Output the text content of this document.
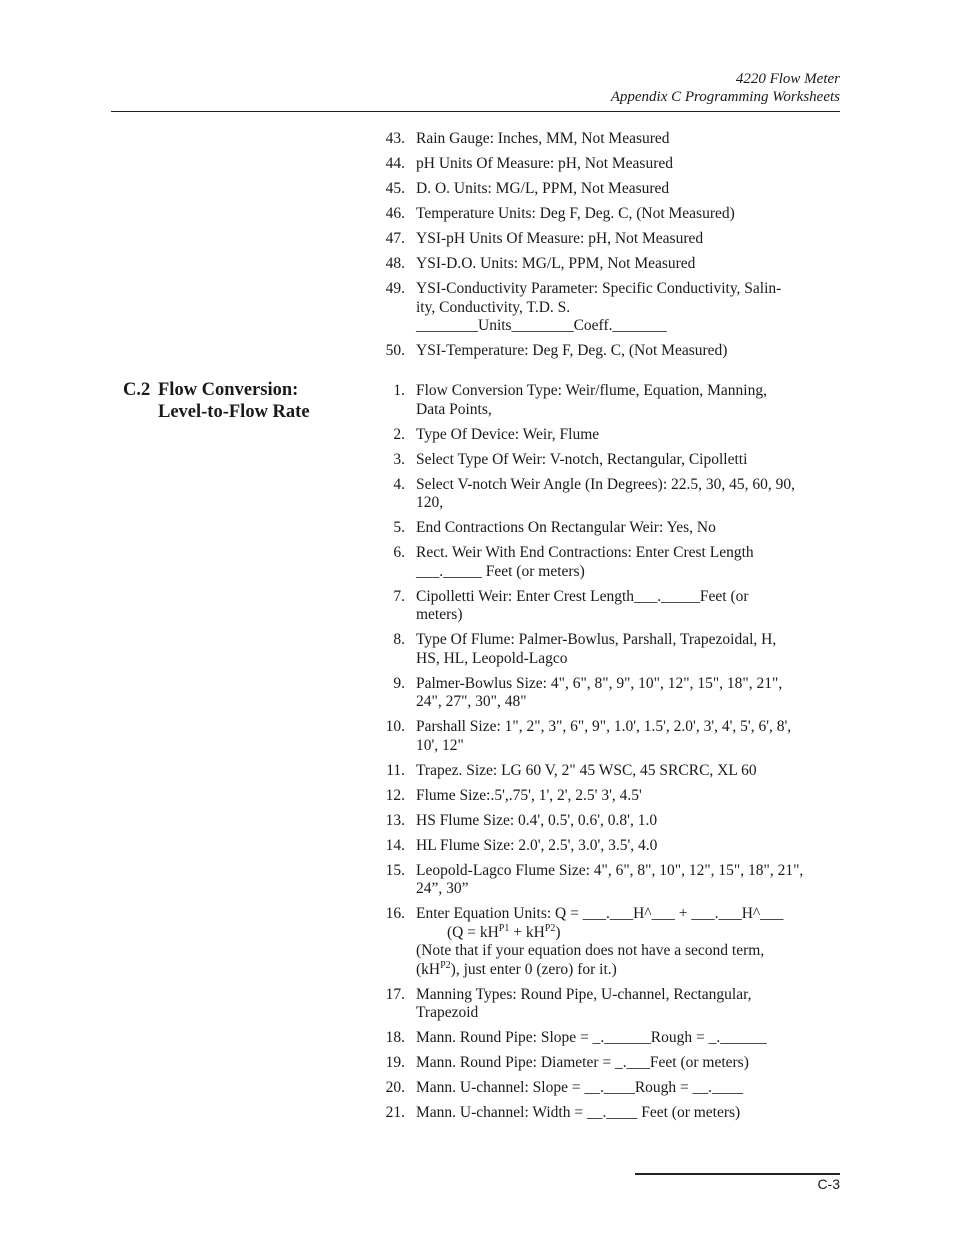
4220 Flow Meter
Appendix C Programming Worksheets
C.2 Flow Conversion:
Level-to-Flow Rate
43. Rain Gauge: Inches, MM, Not Measured
44. pH Units Of Measure: pH, Not Measured
45. D. O. Units: MG/L, PPM, Not Measured
46. Temperature Units: Deg F, Deg. C, (Not Measured)
47. YSI-pH Units Of Measure: pH, Not Measured
48. YSI-D.O. Units: MG/L, PPM, Not Measured
49. YSI-Conductivity Parameter: Specific Conductivity, Salin-
ity, Conductivity, T.D. S.
________Units________Coeff._______
50. YSI-Temperature: Deg F, Deg. C, (Not Measured)
1. Flow Conversion Type: Weir/flume, Equation, Manning,
Data Points,
2. Type Of Device: Weir, Flume
3. Select Type Of Weir: V-notch, Rectangular, Cipolletti
4. Select V-notch Weir Angle (In Degrees): 22.5, 30, 45, 60, 90,
120,
5. End Contractions On Rectangular Weir: Yes, No
6. Rect. Weir With End Contractions: Enter Crest Length
___._____ Feet (or meters)
7. Cipolletti Weir: Enter Crest Length___._____Feet (or
meters)
8. Type Of Flume: Palmer-Bowlus, Parshall, Trapezoidal, H,
HS, HL, Leopold-Lagco
9. Palmer-Bowlus Size: 4", 6", 8", 9", 10", 12", 15", 18", 21",
24", 27", 30", 48"
10. Parshall Size: 1", 2", 3", 6", 9", 1.0', 1.5', 2.0', 3', 4', 5', 6', 8',
10', 12"
11. Trapez. Size: LG 60 V, 2" 45 WSC, 45 SRCRC, XL 60
12. Flume Size:.5',.75', 1', 2', 2.5' 3', 4.5'
13. HS Flume Size: 0.4', 0.5', 0.6', 0.8', 1.0
14. HL Flume Size: 2.0', 2.5', 3.0', 3.5', 4.0
15. Leopold-Lagco Flume Size: 4", 6", 8", 10", 12", 15", 18", 21",
24”, 30”
16. Enter Equation Units: Q = ___.___H^___ + ___.___H^___
$(Q = kH^{P1} + kH^{P2})$
(Note that if your equation does not have a second term,
$(kH^{P2})$, just enter 0 (zero) for it.)
17. Manning Types: Round Pipe, U-channel, Rectangular,
Trapezoid
18. Mann. Round Pipe: Slope = _.______Rough = _.______
19. Mann. Round Pipe: Diameter = _.___Feet (or meters)
20. Mann. U-channel: Slope = __.____Rough = __.____
21. Mann. U-channel: Width = __.____ Feet (or meters)
C-3
